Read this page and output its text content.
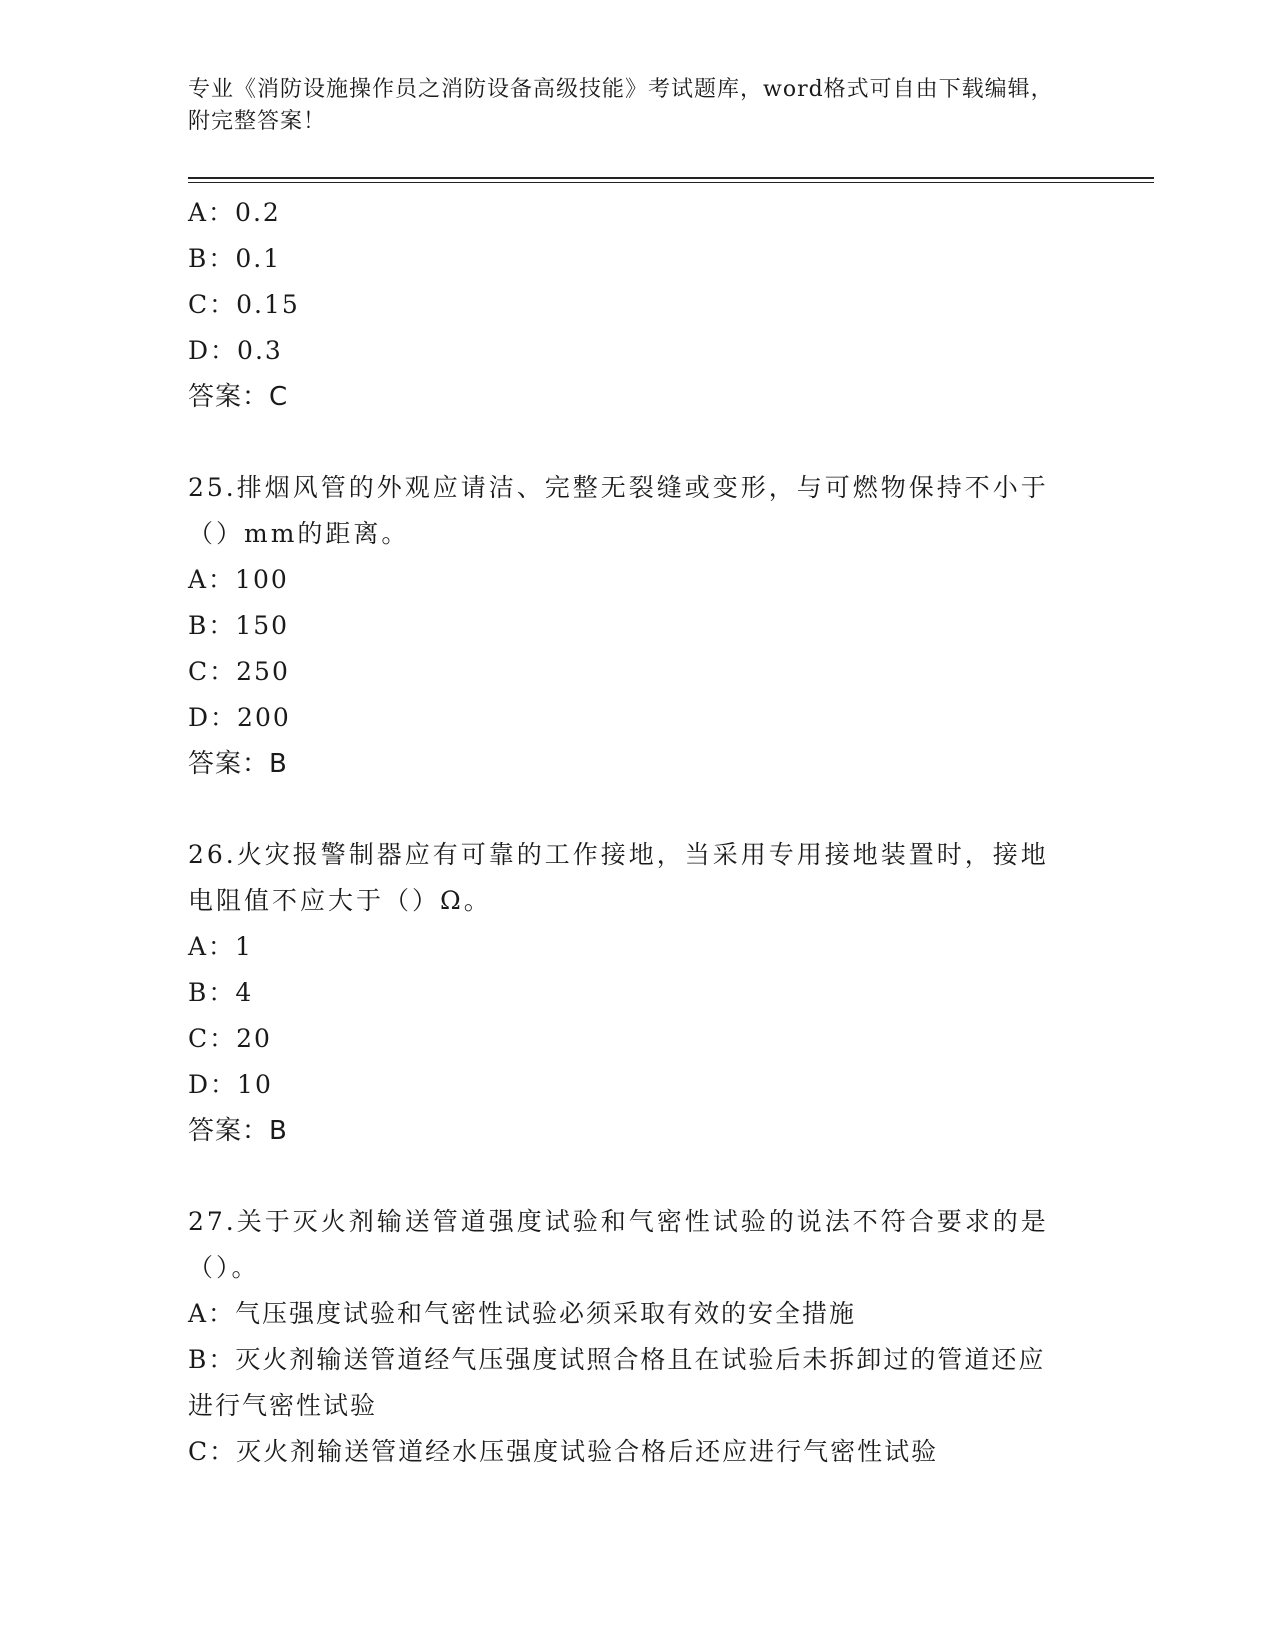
专业《消防设施操作员之消防设备高级技能》考试题库，word格式可自由下载编辑，附完整答案！
A：0.2
B：0.1
C：0.15
D：0.3
答案：C
25.排烟风管的外观应请洁、完整无裂缝或变形，与可燃物保持不小于（）mm的距离。
A：100
B：150
C：250
D：200
答案：B
26.火灾报警制器应有可靠的工作接地，当采用专用接地装置时，接地电阻值不应大于（）Ω。
A：1
B：4
C：20
D：10
答案：B
27.关于灭火剂输送管道强度试验和气密性试验的说法不符合要求的是（）。
A：气压强度试验和气密性试验必须采取有效的安全措施
B：灭火剂输送管道经气压强度试照合格且在试验后未拆卸过的管道还应进行气密性试验
C：灭火剂输送管道经水压强度试验合格后还应进行气密性试验
